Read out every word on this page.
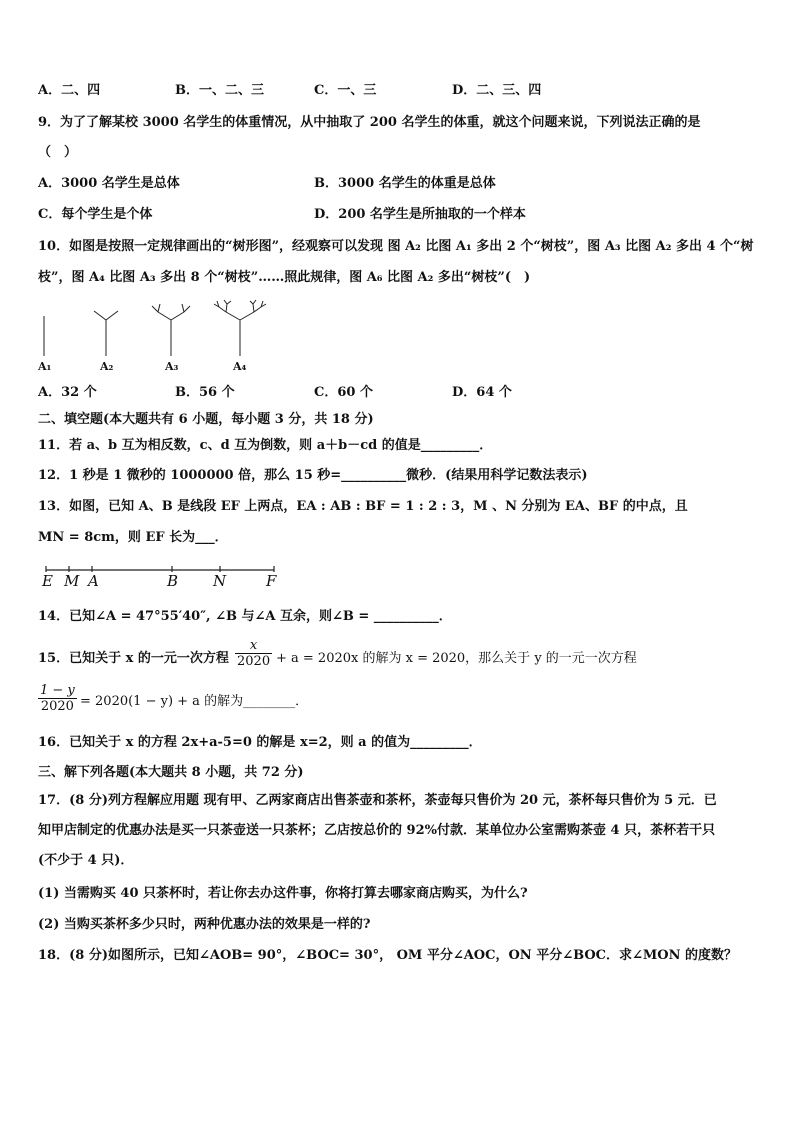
A．二、四	B．一、二、三	C．一、三	D．二、三、四
9．为了了解某校 3000 名学生的体重情况，从中抽取了 200 名学生的体重，就这个问题来说，下列说法正确的是
（　）
A．3000 名学生是总体	B．3000 名学生的体重是总体
C．每个学生是个体	D．200 名学生是所抽取的一个样本
10．如图是按照一定规律画出的“树形图”，经观察可以发现 图 A₂ 比图 A₁ 多出 2 个“树枝”，图 A₃ 比图 A₂ 多出 4 个“树
枝”，图 A₄ 比图 A₃ 多出 8 个“树枝”……照此规律，图 A₆ 比图 A₂ 多出“树枝”(　)
A₁	A₂	A₃	A₄
A．32 个	B．56 个	C．60 个	D．64 个
二、填空题(本大题共有 6 小题，每小题 3 分，共 18 分)
11．若 a、b 互为相反数，c、d 互为倒数，则 a＋b－cd 的值是_________．
12．1 秒是 1 微秒的 1000000 倍，那么 15 秒=__________微秒．(结果用科学记数法表示)
13．如图，已知 A、B 是线段 EF 上两点，EA : AB : BF = 1 : 2 : 3，M 、N 分别为 EA、BF 的中点，且
MN = 8cm，则 EF 长为___．
E M A	B N	F
14．已知∠A = 47°55′40″, ∠B 与∠A 互余，则∠B = __________．
15．已知关于 x 的一元一次方程 $\frac{x}{2020} + a = 2020x$ 的解为 x = 2020，那么关于 y 的一元一次方程
$\frac{1 - y}{2020} = 2020(1 - y) + a$ 的解为________．
16．已知关于 x 的方程 2x+a-5=0 的解是 x=2，则 a 的值为_________．
三、解下列各题(本大题共 8 小题，共 72 分)
17．(8 分)列方程解应用题 现有甲、乙两家商店出售茶壶和茶杯，茶壶每只售价为 20 元，茶杯每只售价为 5 元．已
知甲店制定的优惠办法是买一只茶壶送一只茶杯；乙店按总价的 92%付款．某单位办公室需购茶壶 4 只，茶杯若干只
(不少于 4 只)．
(1) 当需购买 40 只茶杯时，若让你去办这件事，你将打算去哪家商店购买，为什么?
(2) 当购买茶杯多少只时，两种优惠办法的效果是一样的?
18．(8 分)如图所示，已知∠AOB= 90°，∠BOC= 30°， OM 平分∠AOC，ON 平分∠BOC．求∠MON 的度数？
